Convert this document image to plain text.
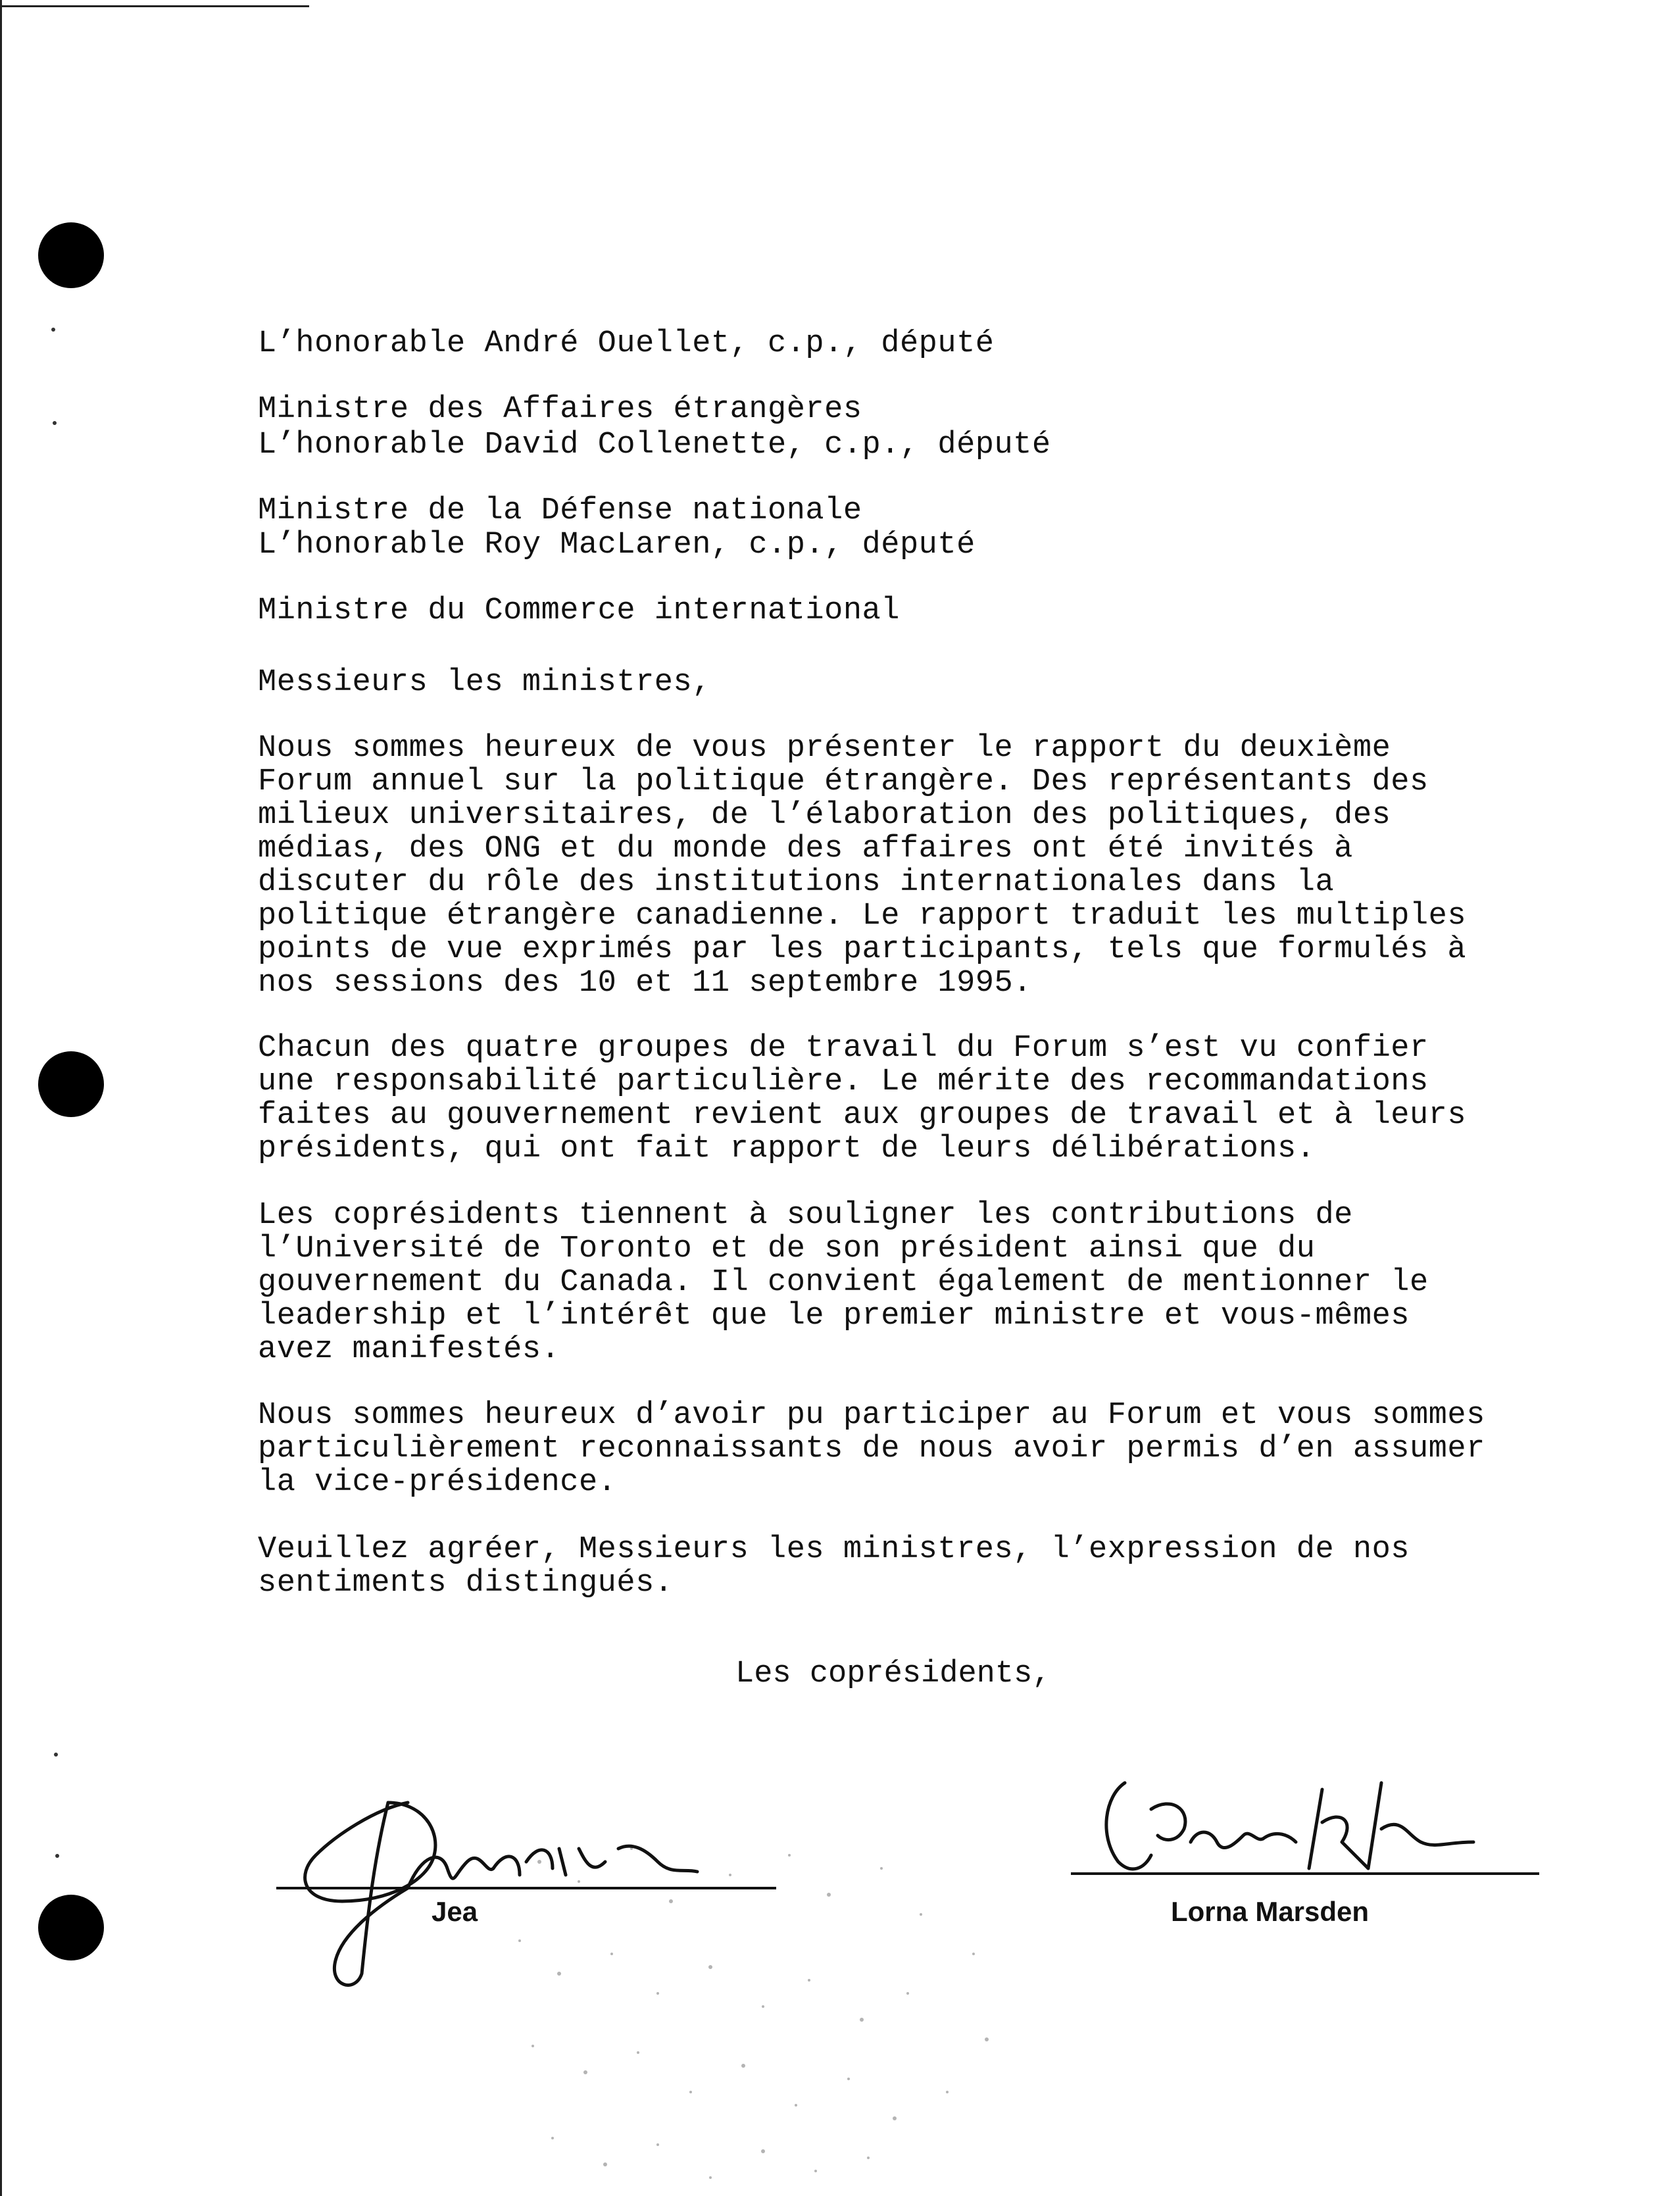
L’honorable André Ouellet, c.p., député

Ministre des Affaires étrangères

L’honorable David Collenette, c.p., député

Ministre de la Défense nationale

L’honorable Roy MacLaren, c.p., député

Ministre du Commerce international

Messieurs les ministres,
Nous sommes heureux de vous présenter le rapport du deuxième
Forum annuel sur la politique étrangère. Des représentants des
milieux universitaires, de l’élaboration des politiques, des
médias, des ONG et du monde des affaires ont été invités à
discuter du rôle des institutions internationales dans la
politique étrangère canadienne. Le rapport traduit les multiples
points de vue exprimés par les participants, tels que formulés à
nos sessions des 10 et 11 septembre 1995.
Chacun des quatre groupes de travail du Forum s’est vu confier
une responsabilité particulière. Le mérite des recommandations
faites au gouvernement revient aux groupes de travail et à leurs
présidents, qui ont fait rapport de leurs délibérations.
Les coprésidents tiennent à souligner les contributions de
l’Université de Toronto et de son président ainsi que du
gouvernement du Canada. Il convient également de mentionner le
leadership et l’intérêt que le premier ministre et vous-mêmes
avez manifestés.
Nous sommes heureux d’avoir pu participer au Forum et vous sommes
particulièrement reconnaissants de nous avoir permis d’en assumer
la vice-présidence.
Veuillez agréer, Messieurs les ministres, l’expression de nos
sentiments distingués.
Les coprésidents,
Jea	Lorna Marsden
